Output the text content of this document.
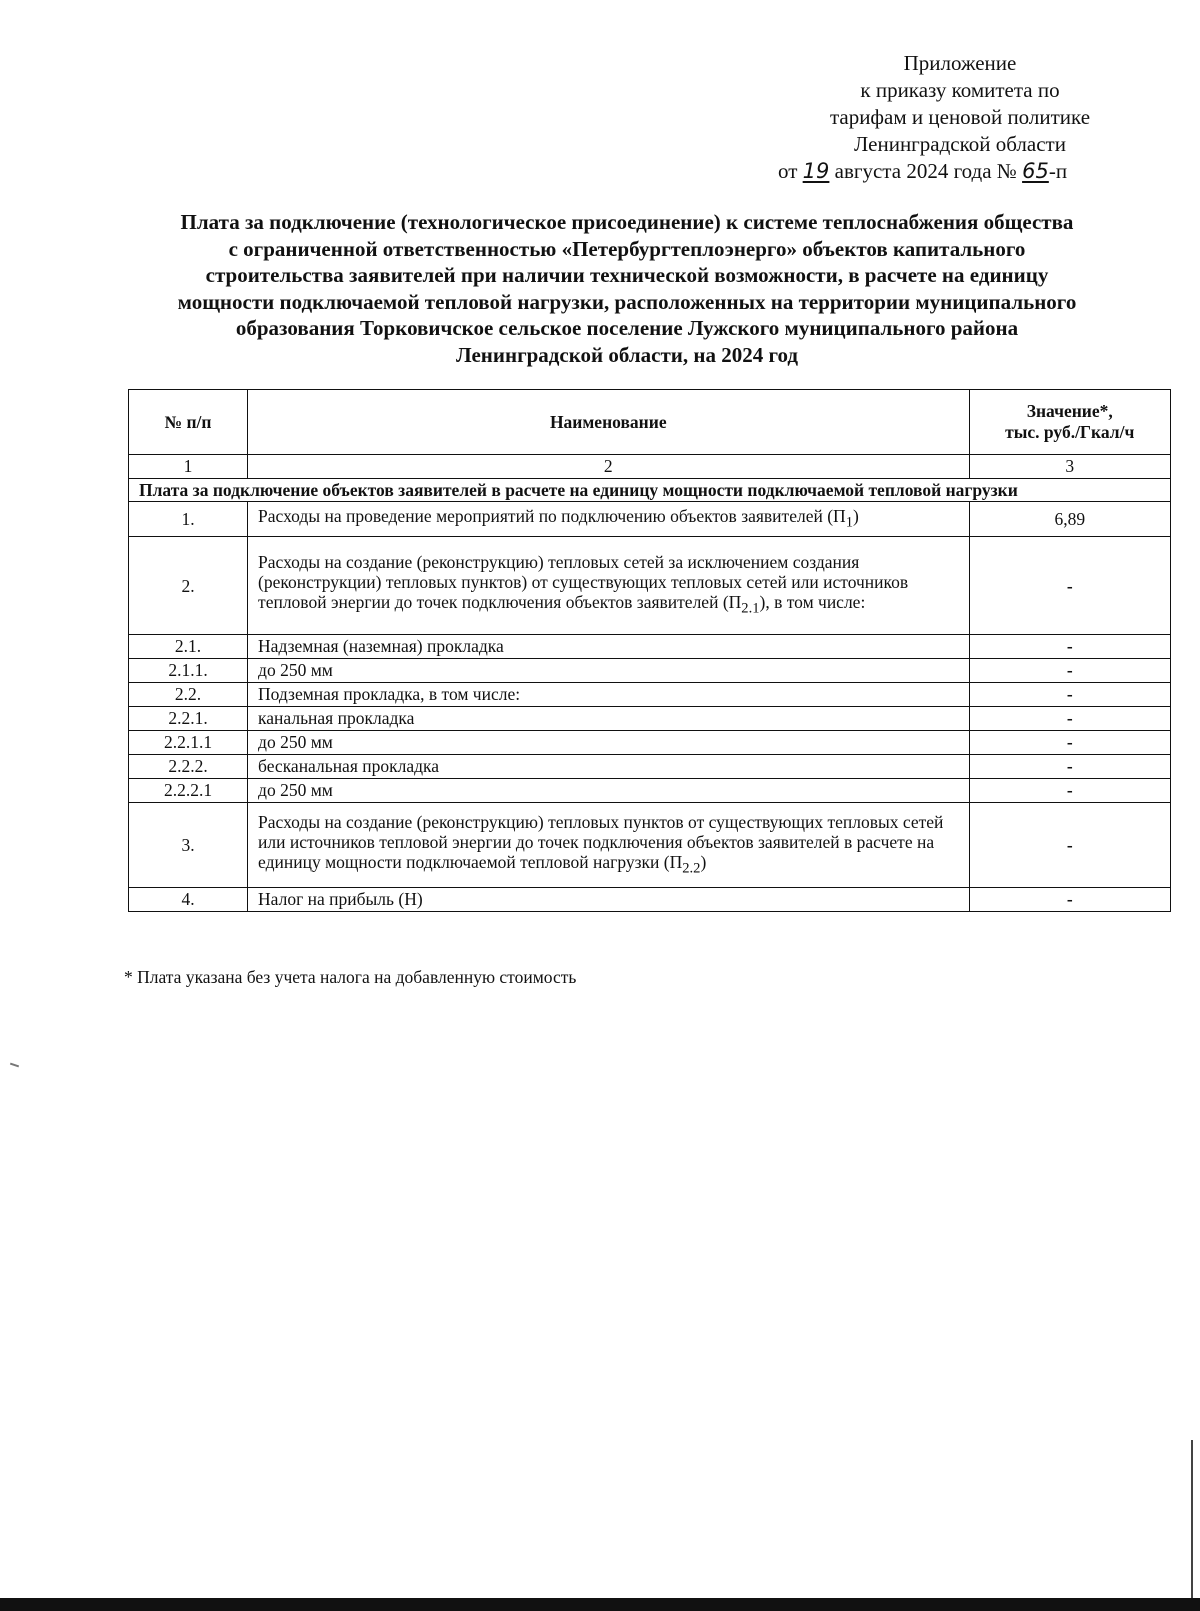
Приложение
к приказу комитета по
тарифам и ценовой политике
Ленинградской области
от 19 августа 2024 года № 65-п
Плата за подключение (технологическое присоединение) к системе теплоснабжения общества
с ограниченной ответственностью «Петербургтеплоэнерго» объектов капитального
строительства заявителей при наличии технической возможности, в расчете на единицу
мощности подключаемой тепловой нагрузки, расположенных на территории муниципального
образования Торковичское сельское поселение Лужского муниципального района
Ленинградской области, на 2024 год
№ п/п	Наименование	Значение*,
тыс. руб./Гкал/ч

1	2	3
Плата за подключение объектов заявителей в расчете на единицу мощности подключаемой тепловой нагрузки		
1.	Расходы на проведение мероприятий по подключению объектов заявителей $(П_1)$	6,89
2.	Расходы на создание (реконструкцию) тепловых сетей за исключением создания (реконструкции) тепловых пунктов) от существующих тепловых сетей или источников тепловой энергии до точек подключения объектов заявителей $(П_{2.1})$, в том числе:	-
2.1.	Надземная (наземная) прокладка	-
2.1.1.	до 250 мм	-
2.2.	Подземная прокладка, в том числе:	-
2.2.1.	канальная прокладка	-
2.2.1.1	до 250 мм	-
2.2.2.	бесканальная прокладка	-
2.2.2.1	до 250 мм	-
3.	Расходы на создание (реконструкцию) тепловых пунктов от существующих тепловых сетей или источников тепловой энергии до точек подключения объектов заявителей в расчете на единицу мощности подключаемой тепловой нагрузки $(П_{2.2})$	-
4.	Налог на прибыль (Н)	-
* Плата указана без учета налога на добавленную стоимость
